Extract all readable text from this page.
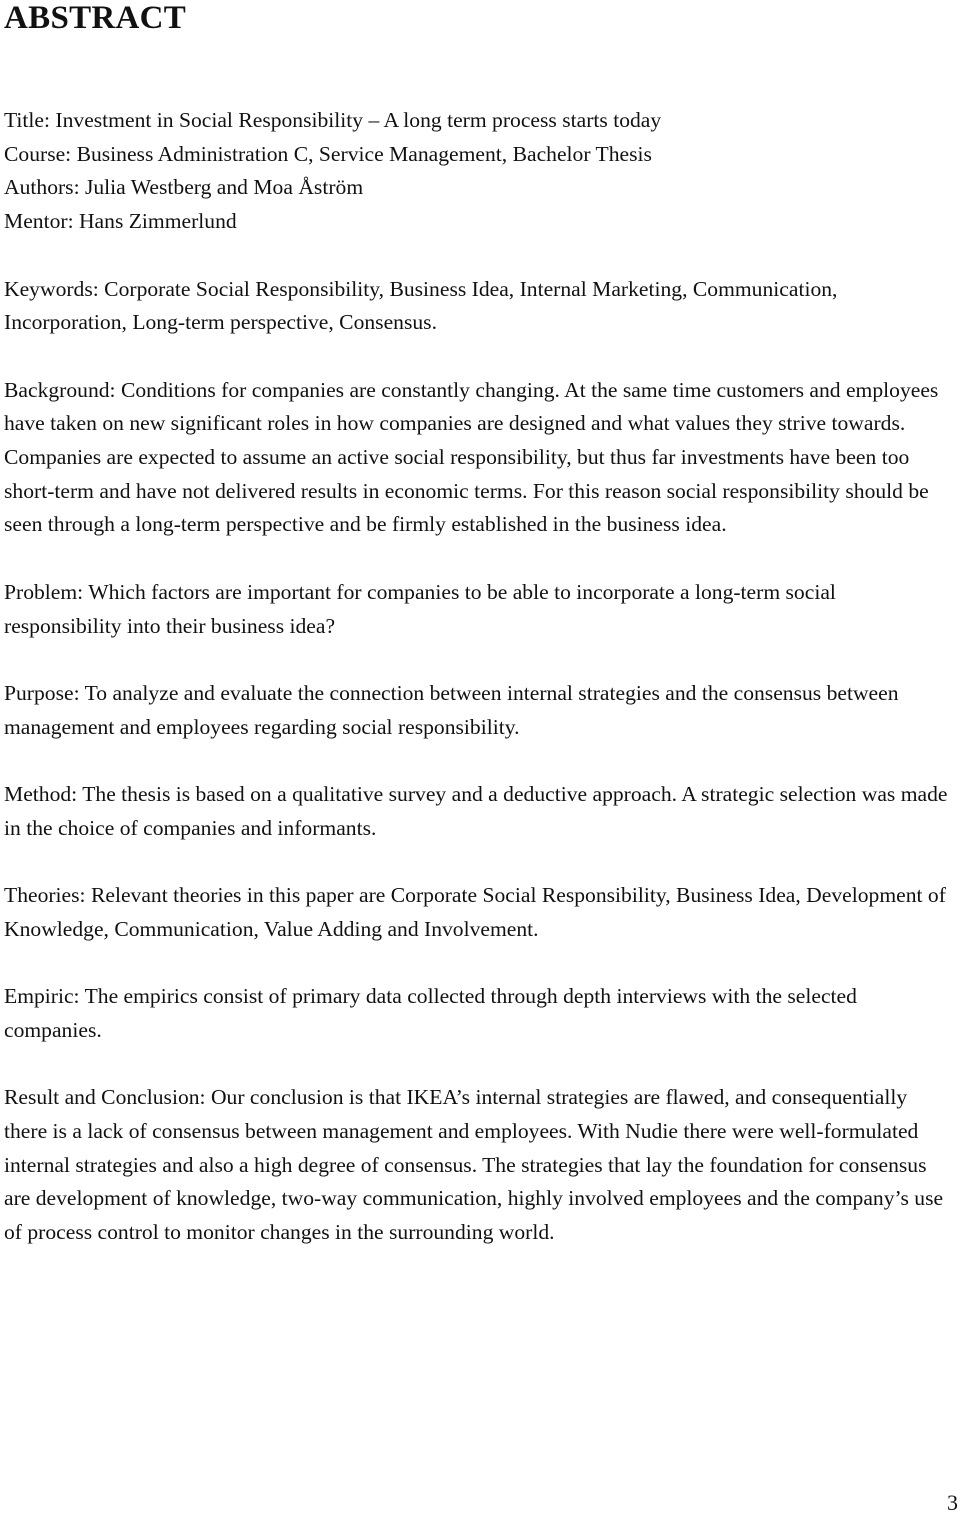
ABSTRACT
Title: Investment in Social Responsibility – A long term process starts today
Course: Business Administration C, Service Management, Bachelor Thesis
Authors: Julia Westberg and Moa Åström
Mentor: Hans Zimmerlund

Keywords: Corporate Social Responsibility, Business Idea, Internal Marketing, Communication, Incorporation, Long-term perspective, Consensus.

Background: Conditions for companies are constantly changing. At the same time customers and employees have taken on new significant roles in how companies are designed and what values they strive towards. Companies are expected to assume an active social responsibility, but thus far investments have been too short-term and have not delivered results in economic terms. For this reason social responsibility should be seen through a long-term perspective and be firmly established in the business idea.

Problem: Which factors are important for companies to be able to incorporate a long-term social responsibility into their business idea?

Purpose: To analyze and evaluate the connection between internal strategies and the consensus between management and employees regarding social responsibility.

Method: The thesis is based on a qualitative survey and a deductive approach. A strategic selection was made in the choice of companies and informants.

Theories: Relevant theories in this paper are Corporate Social Responsibility, Business Idea, Development of Knowledge, Communication, Value Adding and Involvement.

Empiric: The empirics consist of primary data collected through depth interviews with the selected companies.

Result and Conclusion: Our conclusion is that IKEA’s internal strategies are flawed, and consequentially there is a lack of consensus between management and employees. With Nudie there were well-formulated internal strategies and also a high degree of consensus. The strategies that lay the foundation for consensus are development of knowledge, two-way communication, highly involved employees and the company’s use of process control to monitor changes in the surrounding world.

3
